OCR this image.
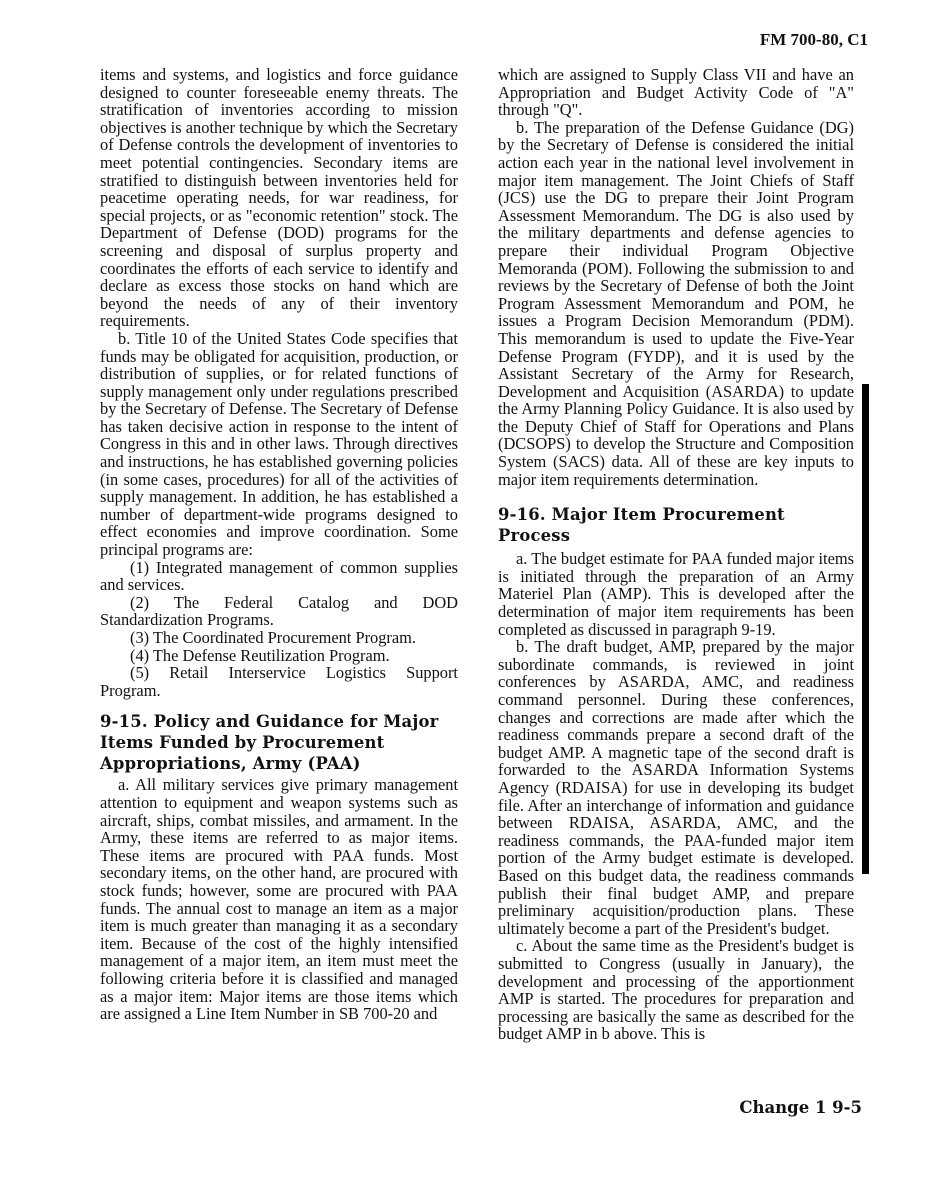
FM 700-80, C1

items and systems, and logistics and force guidance designed to counter foreseeable enemy threats. The stratification of inventories according to mission objectives is another technique by which the Secretary of Defense controls the development of inventories to meet potential contingencies. Secondary items are stratified to distinguish between inventories held for peacetime operating needs, for war readiness, for special projects, or as "economic retention" stock. The Department of Defense (DOD) programs for the screening and disposal of surplus property and coordinates the efforts of each service to identify and declare as excess those stocks on hand which are beyond the needs of any of their inventory requirements.

b. Title 10 of the United States Code specifies that funds may be obligated for acquisition, production, or distribution of supplies, or for related functions of supply management only under regulations prescribed by the Secretary of Defense. The Secretary of Defense has taken decisive action in response to the intent of Congress in this and in other laws. Through directives and instructions, he has established governing policies (in some cases, procedures) for all of the activities of supply management. In addition, he has established a number of department-wide programs designed to effect economies and improve coordination. Some principal programs are:

(1) Integrated management of common supplies and services.

(2) The Federal Catalog and DOD Standardization Programs.

(3) The Coordinated Procurement Program.

(4) The Defense Reutilization Program.

(5) Retail Interservice Logistics Support Program.

9-15. Policy and Guidance for Major Items Funded by Procurement Appropriations, Army (PAA)

a. All military services give primary management attention to equipment and weapon systems such as aircraft, ships, combat missiles, and armament. In the Army, these items are referred to as major items. These items are procured with PAA funds. Most secondary items, on the other hand, are procured with stock funds; however, some are procured with PAA funds. The annual cost to manage an item as a major item is much greater than managing it as a secondary item. Because of the cost of the highly intensified management of a major item, an item must meet the following criteria before it is classified and managed as a major item: Major items are those items which are assigned a Line Item Number in SB 700-20 and

which are assigned to Supply Class VII and have an Appropriation and Budget Activity Code of "A" through "Q".

b. The preparation of the Defense Guidance (DG) by the Secretary of Defense is considered the initial action each year in the national level involvement in major item management. The Joint Chiefs of Staff (JCS) use the DG to prepare their Joint Program Assessment Memorandum. The DG is also used by the military departments and defense agencies to prepare their individual Program Objective Memoranda (POM). Following the submission to and reviews by the Secretary of Defense of both the Joint Program Assessment Memorandum and POM, he issues a Program Decision Memorandum (PDM). This memorandum is used to update the Five-Year Defense Program (FYDP), and it is used by the Assistant Secretary of the Army for Research, Development and Acquisition (ASARDA) to update the Army Planning Policy Guidance. It is also used by the Deputy Chief of Staff for Operations and Plans (DCSOPS) to develop the Structure and Composition System (SACS) data. All of these are key inputs to major item requirements determination.

9-16. Major Item Procurement Process

a. The budget estimate for PAA funded major items is initiated through the preparation of an Army Materiel Plan (AMP). This is developed after the determination of major item requirements has been completed as discussed in paragraph 9-19.

b. The draft budget, AMP, prepared by the major subordinate commands, is reviewed in joint conferences by ASARDA, AMC, and readiness command personnel. During these conferences, changes and corrections are made after which the readiness commands prepare a second draft of the budget AMP. A magnetic tape of the second draft is forwarded to the ASARDA Information Systems Agency (RDAISA) for use in developing its budget file. After an interchange of information and guidance between RDAISA, ASARDA, AMC, and the readiness commands, the PAA-funded major item portion of the Army budget estimate is developed. Based on this budget data, the readiness commands publish their final budget AMP, and prepare preliminary acquisition/production plans. These ultimately become a part of the President's budget.

c. About the same time as the President's budget is submitted to Congress (usually in January), the development and processing of the apportionment AMP is started. The procedures for preparation and processing are basically the same as described for the budget AMP in b above. This is

Change 1 9-5
